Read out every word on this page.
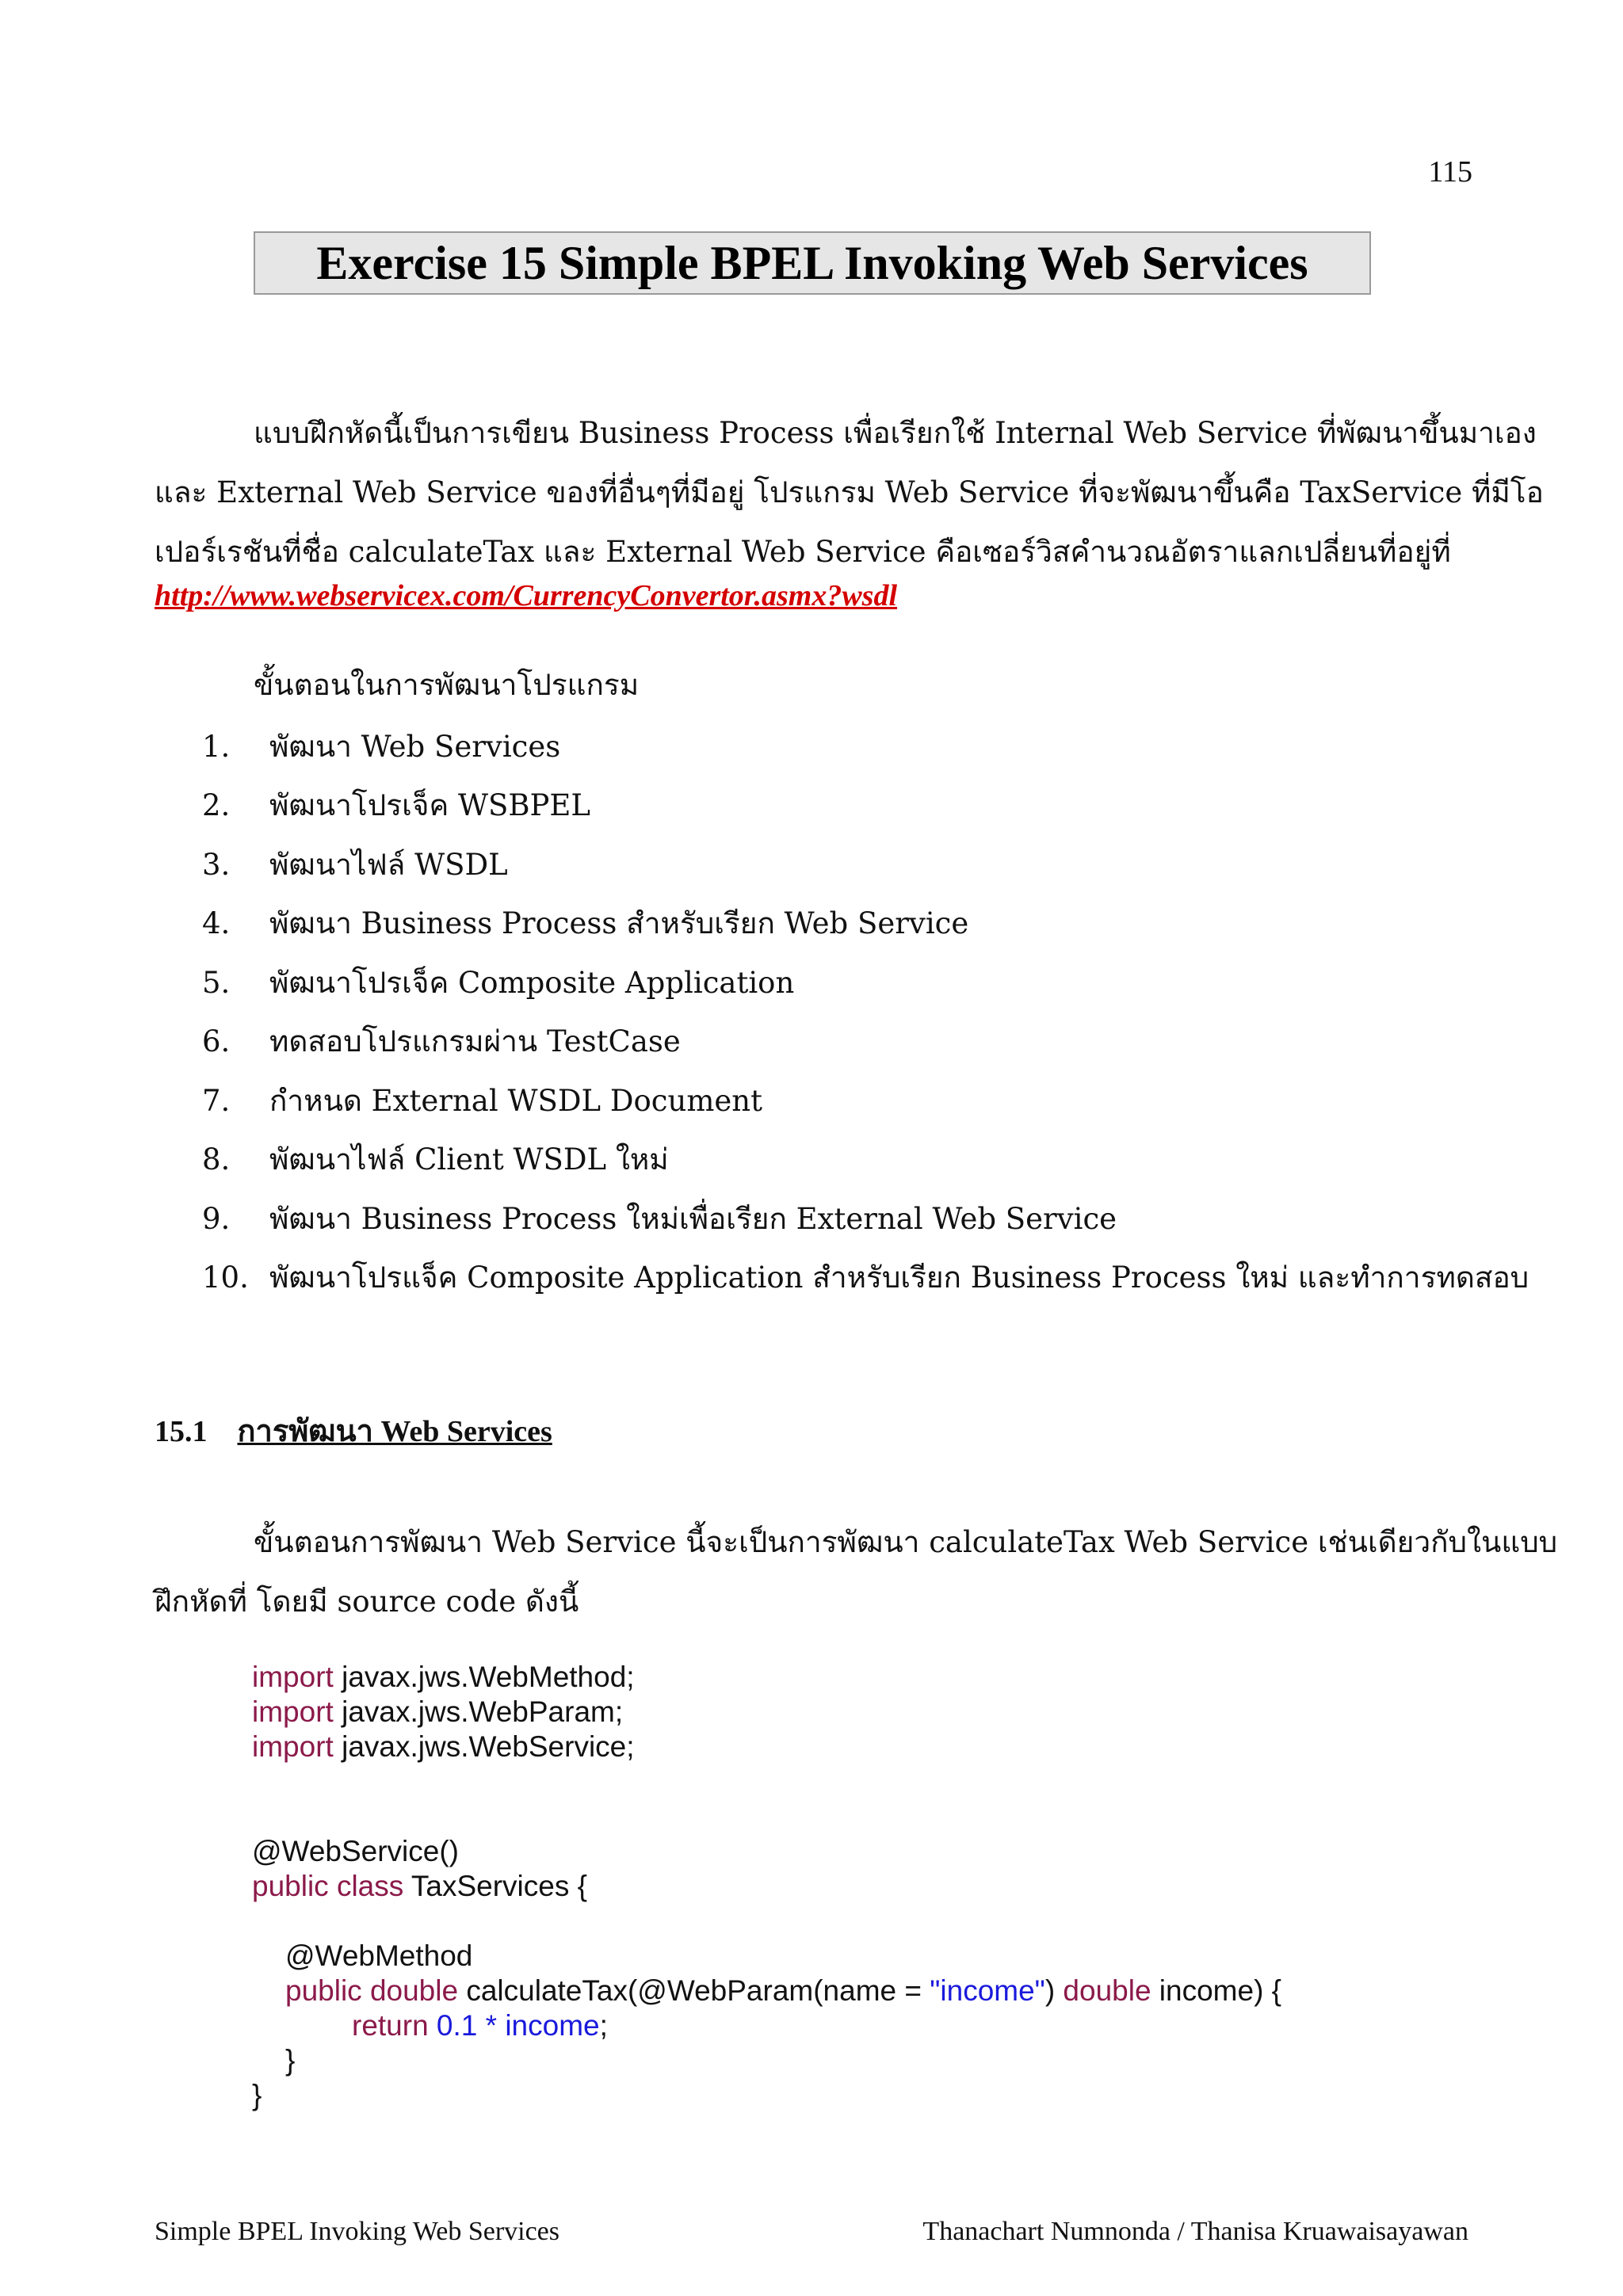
115
Exercise 15 Simple BPEL Invoking Web Services
แบบฝึกหัดนี้เป็นการเขียน Business Process เพื่อเรียกใช้ Internal Web Service ที่พัฒนาขึ้นมาเอง
และ External Web Service ของที่อื่นๆที่มีอยู่ โปรแกรม Web Service ที่จะพัฒนาขึ้นคือ TaxService ที่มีโอ
เปอร์เรชันที่ชื่อ calculateTax และ External Web Service คือเซอร์วิสคำนวณอัตราแลกเปลี่ยนที่อยู่ที่
http://www.webservicex.com/CurrencyConvertor.asmx?wsdl
ขั้นตอนในการพัฒนาโปรแกรม
1.	พัฒนา Web Services
2.	พัฒนาโปรเจ็ค WSBPEL
3.	พัฒนาไฟล์ WSDL
4.	พัฒนา Business Process สำหรับเรียก Web Service
5.	พัฒนาโปรเจ็ค Composite Application
6.	ทดสอบโปรแกรมผ่าน TestCase
7.	กำหนด External WSDL Document
8.	พัฒนาไฟล์ Client WSDL ใหม่
9.	พัฒนา Business Process ใหม่เพื่อเรียก External Web Service
10. พัฒนาโปรแจ็ค Composite Application สำหรับเรียก Business Process ใหม่ และทำการทดสอบ
15.1 การพัฒนา Web Services
ขั้นตอนการพัฒนา Web Service นี้จะเป็นการพัฒนา calculateTax Web Service เช่นเดียวกับในแบบ
ฝึกหัดที่ โดยมี source code ดังนี้
import javax.jws.WebMethod;
import javax.jws.WebParam;
import javax.jws.WebService;
@WebService()
public class TaxServices {
@WebMethod
public double calculateTax(@WebParam(name = "income") double income) {
return 0.1 * income;
}
}
Simple BPEL Invoking Web Services	Thanachart Numnonda / Thanisa Kruawaisayawan
